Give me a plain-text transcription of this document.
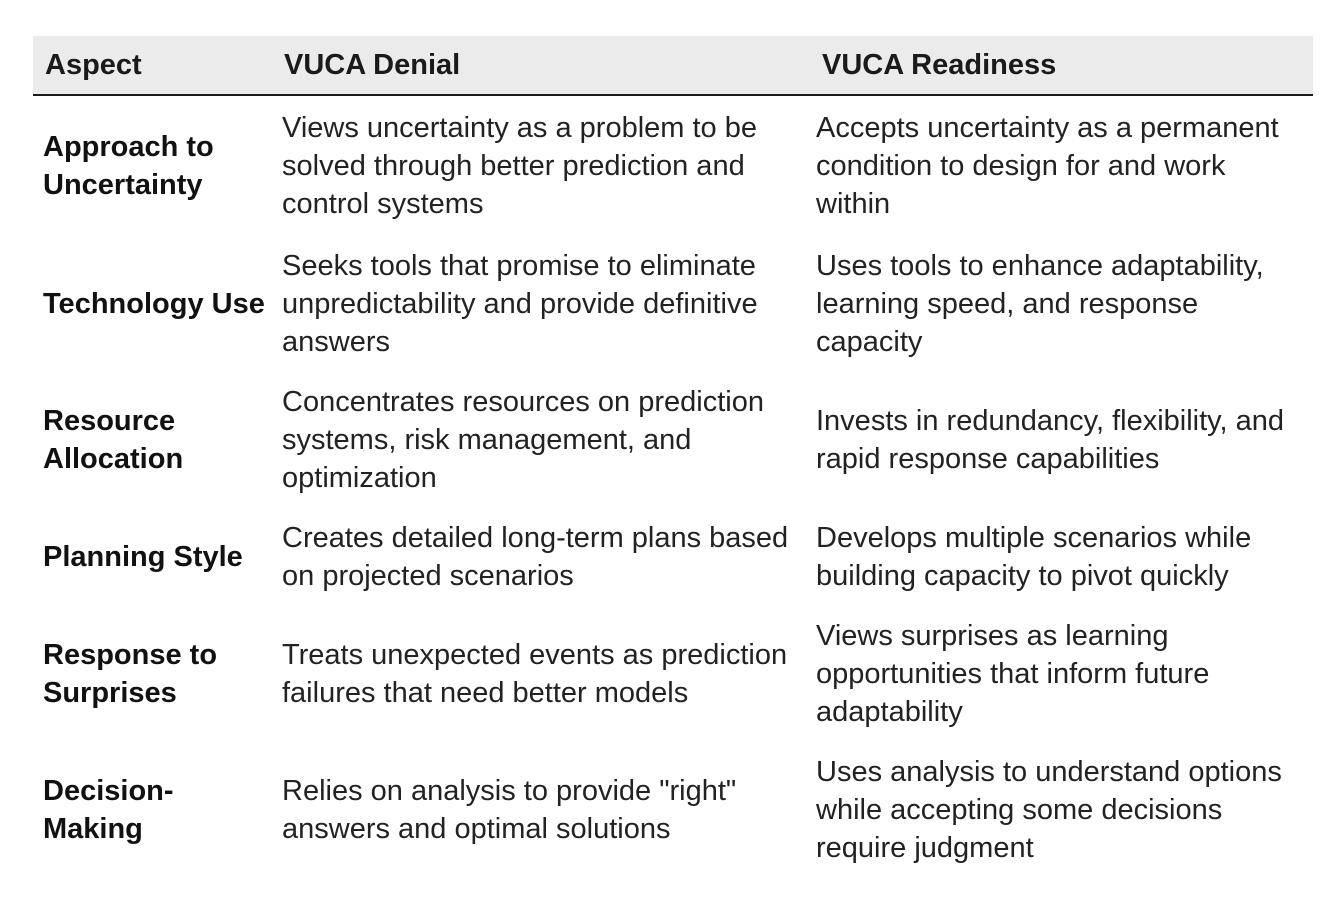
Aspect	VUCA Denial	VUCA Readiness
Approach to Uncertainty	Views uncertainty as a problem to be solved through better prediction and control systems	Accepts uncertainty as a permanent condition to design for and work within
Technology Use	Seeks tools that promise to eliminate unpredictability and provide definitive answers	Uses tools to enhance adaptability, learning speed, and response capacity
Resource Allocation	Concentrates resources on prediction systems, risk management, and optimization	Invests in redundancy, flexibility, and rapid response capabilities
Planning Style	Creates detailed long-term plans based on projected scenarios	Develops multiple scenarios while building capacity to pivot quickly
Response to Surprises	Treats unexpected events as prediction failures that need better models	Views surprises as learning opportunities that inform future adaptability
Decision-Making	Relies on analysis to provide "right" answers and optimal solutions	Uses analysis to understand options while accepting some decisions require judgment
